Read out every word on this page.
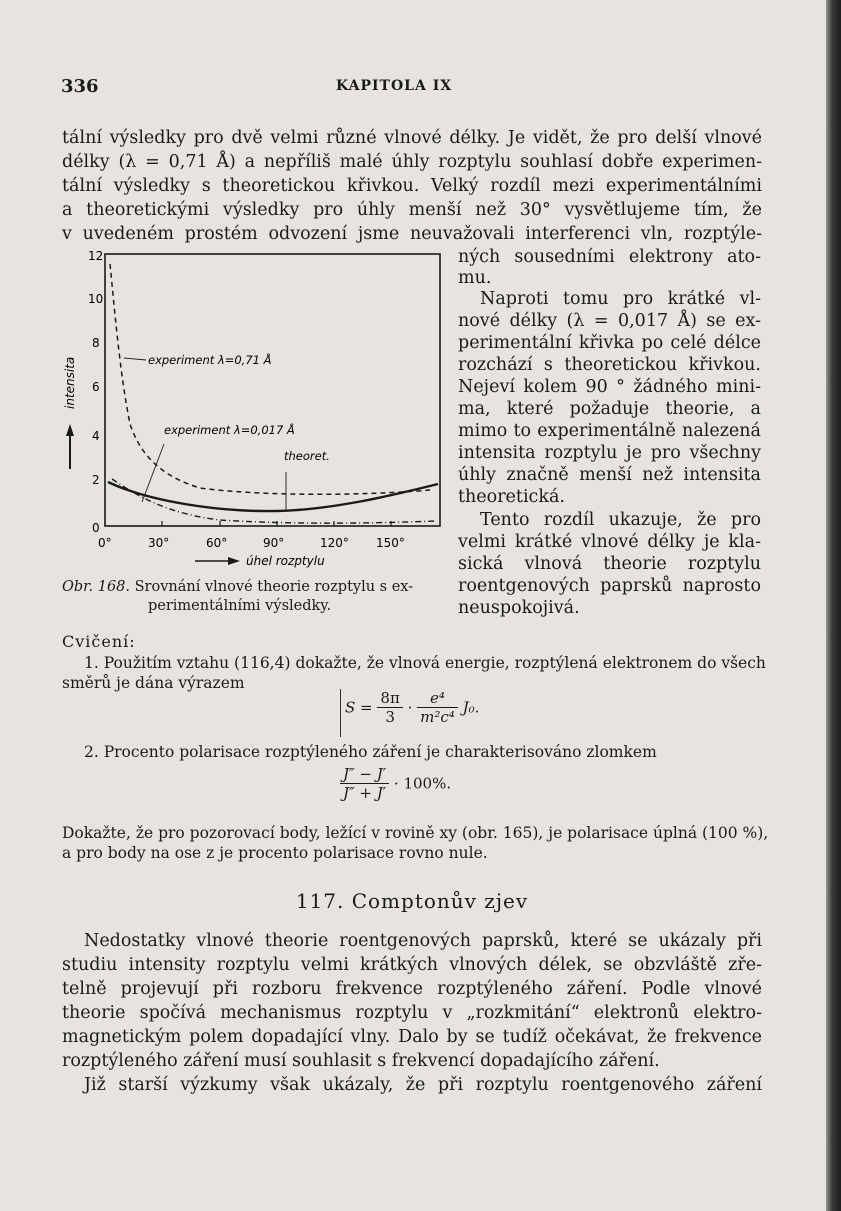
336	KAPITOLA IX
tální výsledky pro dvě velmi různé vlnové délky. Je vidět, že pro delší vlnové
délky (λ = 0,71 Å) a nepříliš malé úhly rozptylu souhlasí dobře experimen-
tální výsledky s theoretickou křivkou. Velký rozdíl mezi experimentálními
a theoretickými výsledky pro úhly menší než 30° vysvětlujeme tím, že
v uvedeném prostém odvození jsme neuvažovali interferenci vln, rozptýle-
ných sousedními elektrony ato-
mu.
Naproti tomu pro krátké vl-
nové délky (λ = 0,017 Å) se ex-
perimentální křivka po celé délce
rozchází s theoretickou křivkou.
Nejeví kolem 90 ° žádného mini-
ma, které požaduje theorie, a
mimo to experimentálně nalezená
intensita rozptylu je pro všechny
úhly značně menší než intensita
theoretická.
Tento rozdíl ukazuje, že pro
velmi krátké vlnové délky je kla-
sická vlnová theorie rozptylu
roentgenových paprsků naprosto
neuspokojivá.
12
10
8
6
4
2
0
intensita
0°	30°	60°	90°	120° 150°
úhel rozptylu
experiment λ=0,71 Å
experiment λ=0,017 Å
theoret.
Obr. 168. Srovnání vlnové theorie rozptylu s ex-
perimentálními výsledky.
Cvičení:
1. Použitím vztahu (116,4) dokažte, že vlnová energie, rozptýlená elektronem do všech
směrů je dána výrazem
$S = \frac{8\pi}{3} \cdot \frac{\text{e⁴}}{\text{m²c⁴}} J_0$.
2. Procento polarisace rozptýleného záření je charakterisováno zlomkem
$\frac{J'' - J'}{J'' + J'} \cdot 100\%$.
Dokažte, že pro pozorovací body, ležící v rovině xy (obr. 165), je polarisace úplná (100 %),
a pro body na ose z je procento polarisace rovno nule.
117. Comptonův zjev
Nedostatky vlnové theorie roentgenových paprsků, které se ukázaly při
studiu intensity rozptylu velmi krátkých vlnových délek, se obzvláště zře-
telně projevují při rozboru frekvence rozptýleného záření. Podle vlnové
theorie spočívá mechanismus rozptylu v „rozkmitání“ elektronů elektro-
magnetickým polem dopadající vlny. Dalo by se tudíž očekávat, že frekvence
rozptýleného záření musí souhlasit s frekvencí dopadajícího záření.
Již starší výzkumy však ukázaly, že při rozptylu roentgenového záření
